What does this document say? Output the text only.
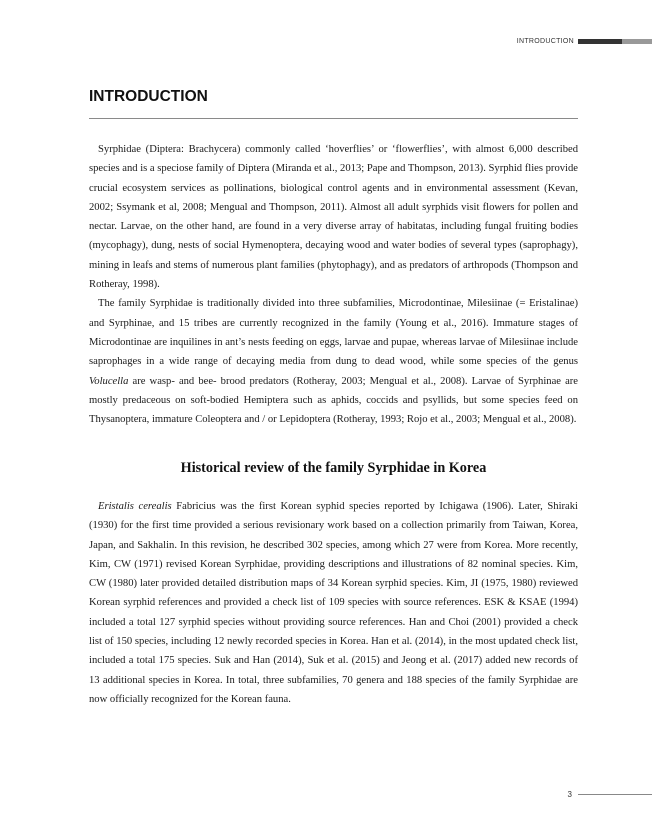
INTRODUCTION
INTRODUCTION

Syrphidae (Diptera: Brachycera) commonly called ‘hoverflies’ or ‘flowerflies’, with almost 6,000 described species and is a speciose family of Diptera (Miranda et al., 2013; Pape and Thompson, 2013). Syrphid flies provide crucial ecosystem services as pollinations, biological control agents and in environmental assessment (Kevan, 2002; Ssymank et al, 2008; Mengual and Thompson, 2011). Almost all adult syrphids visit flowers for pollen and nectar. Larvae, on the other hand, are found in a very diverse array of habitatas, including fungal fruiting bodies (mycophagy), dung, nests of social Hymenoptera, decaying wood and water bodies of several types (saprophagy), mining in leafs and stems of numerous plant families (phytophagy), and as predators of arthropods (Thompson and Rotheray, 1998).

The family Syrphidae is traditionally divided into three subfamilies, Microdontinae, Milesiinae (= Eristalinae) and Syrphinae, and 15 tribes are currently recognized in the family (Young et al., 2016). Immature stages of Microdontinae are inquilines in ant’s nests feeding on eggs, larvae and pupae, whereas larvae of Milesiinae include saprophages in a wide range of decaying media from dung to dead wood, while some species of the genus Volucella are wasp- and bee- brood predators (Rotheray, 2003; Mengual et al., 2008). Larvae of Syrphinae are mostly predaceous on soft-bodied Hemiptera such as aphids, coccids and psyllids, but some species feed on Thysanoptera, immature Coleoptera and / or Lepidoptera (Rotheray, 1993; Rojo et al., 2003; Mengual et al., 2008).

Historical review of the family Syrphidae in Korea

Eristalis cerealis Fabricius was the first Korean syphid species reported by Ichigawa (1906). Later, Shiraki (1930) for the first time provided a serious revisionary work based on a collection primarily from Taiwan, Korea, Japan, and Sakhalin. In this revision, he described 302 species, among which 27 were from Korea. More recently, Kim, CW (1971) revised Korean Syrphidae, providing descriptions and illustrations of 82 nominal species. Kim, CW (1980) later provided detailed distribution maps of 34 Korean syrphid species. Kim, JI (1975, 1980) reviewed Korean syrphid references and provided a check list of 109 species with source references. ESK & KSAE (1994) included a total 127 syrphid species without providing source references. Han and Choi (2001) provided a check list of 150 species, including 12 newly recorded species in Korea. Han et al. (2014), in the most updated check list, included a total 175 species. Suk and Han (2014), Suk et al. (2015) and Jeong et al. (2017) added new records of 13 additional species in Korea. In total, three subfamilies, 70 genera and 188 species of the family Syrphidae are now officially recognized for the Korean fauna.

3
